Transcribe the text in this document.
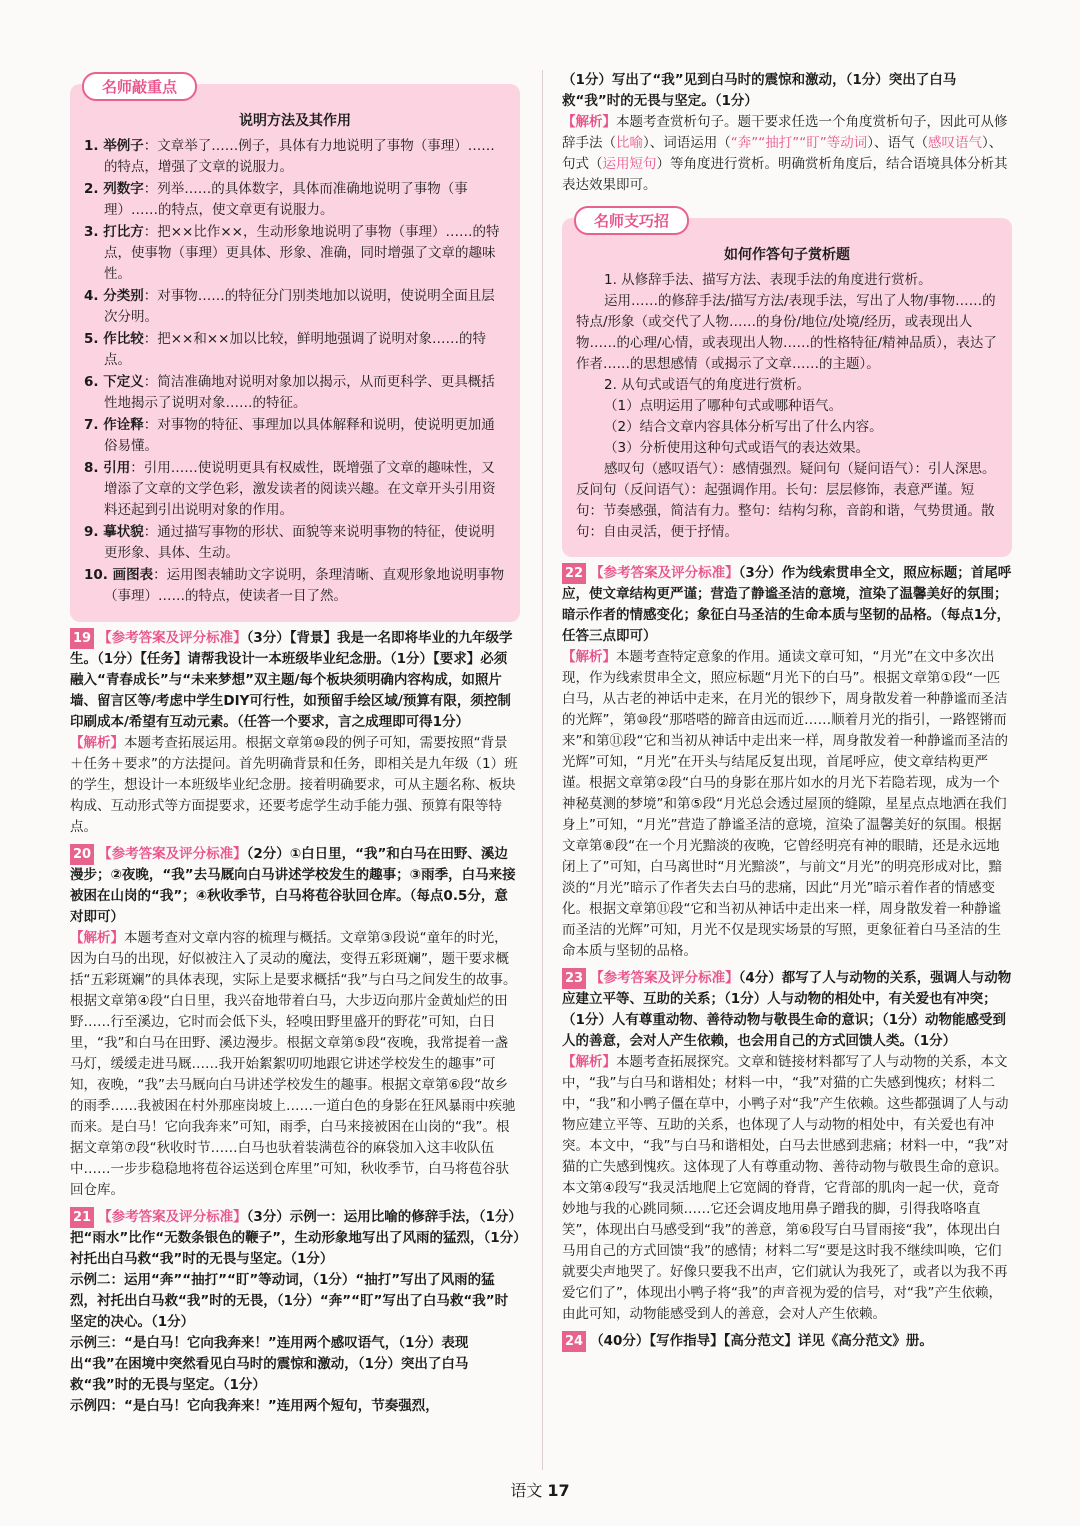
名师敲重点
说明方法及其作用
1. 举例子：文章举了……例子，具体有力地说明了事物（事理）……的特点，增强了文章的说服力。
2. 列数字：列举……的具体数字，具体而准确地说明了事物（事理）……的特点，使文章更有说服力。
3. 打比方：把××比作××，生动形象地说明了事物（事理）……的特点，使事物（事理）更具体、形象、准确，同时增强了文章的趣味性。
4. 分类别：对事物……的特征分门别类地加以说明，使说明全面且层次分明。
5. 作比较：把××和××加以比较，鲜明地强调了说明对象……的特点。
6. 下定义：简洁准确地对说明对象加以揭示，从而更科学、更具概括性地揭示了说明对象……的特征。
7. 作诠释：对事物的特征、事理加以具体解释和说明，使说明更加通俗易懂。
8. 引用：引用……使说明更具有权威性，既增强了文章的趣味性，又增添了文章的文学色彩，激发读者的阅读兴趣。在文章开头引用资料还起到引出说明对象的作用。
9. 摹状貌：通过描写事物的形状、面貌等来说明事物的特征，使说明更形象、具体、生动。
10. 画图表：运用图表辅助文字说明，条理清晰、直观形象地说明事物（事理）……的特点，使读者一目了然。
19 【参考答案及评分标准】（3分）【背景】我是一名即将毕业的九年级学生。（1分）【任务】请帮我设计一本班级毕业纪念册。（1分）【要求】必须融入“青春成长”与“未来梦想”双主题/每个板块须明确内容构成，如照片墙、留言区等/考虑中学生DIY可行性，如预留手绘区域/预算有限，须控制印刷成本/希望有互动元素。（任答一个要求，言之成理即可得1分）
【解析】本题考查拓展运用。根据文章第⑩段的例子可知，需要按照“背景＋任务＋要求”的方法提问。首先明确背景和任务，即相关是九年级（1）班的学生，想设计一本班级毕业纪念册。接着明确要求，可从主题名称、板块构成、互动形式等方面提要求，还要考虑学生动手能力强、预算有限等特点。
20 【参考答案及评分标准】（2分）①白日里，“我”和白马在田野、溪边漫步；②夜晚，“我”去马厩向白马讲述学校发生的趣事；③雨季，白马来接被困在山岗的“我”；④秋收季节，白马将苞谷驮回仓库。（每点0.5分，意对即可）
【解析】本题考查对文章内容的梳理与概括。文章第③段说“童年的时光，因为白马的出现，好似被注入了灵动的魔法，变得五彩斑斓”，题干要求概括“五彩斑斓”的具体表现，实际上是要求概括“我”与白马之间发生的故事。根据文章第④段“白日里，我兴奋地带着白马，大步迈向那片金黄灿烂的田野……行至溪边，它时而会低下头，轻嗅田野里盛开的野花”可知，白日里，“我”和白马在田野、溪边漫步。根据文章第⑤段“夜晚，我常提着一盏马灯，缓缓走进马厩……我开始絮絮叨叨地跟它讲述学校发生的趣事”可知，夜晚，“我”去马厩向白马讲述学校发生的趣事。根据文章第⑥段“故乡的雨季……我被困在村外那座岗坡上……一道白色的身影在狂风暴雨中疾驰而来。是白马！它向我奔来”可知，雨季，白马来接被困在山岗的“我”。根据文章第⑦段“秋收时节……白马也驮着装满苞谷的麻袋加入这丰收队伍中……一步步稳稳地将苞谷运送到仓库里”可知，秋收季节，白马将苞谷驮回仓库。
21 【参考答案及评分标准】（3分）示例一：运用比喻的修辞手法，（1分）把“雨水”比作“无数条银色的鞭子”，生动形象地写出了风雨的猛烈，（1分）衬托出白马救“我”时的无畏与坚定。（1分）
示例二：运用“奔”“抽打”“盯”等动词，（1分）“抽打”写出了风雨的猛烈，衬托出白马救“我”时的无畏，（1分）“奔”“盯”写出了白马救“我”时坚定的决心。（1分）
示例三：“是白马！它向我奔来！”连用两个感叹语气，（1分）表现出“我”在困境中突然看见白马时的震惊和激动，（1分）突出了白马救“我”时的无畏与坚定。（1分）
示例四：“是白马！它向我奔来！”连用两个短句，节奏强烈，
（1分）写出了“我”见到白马时的震惊和激动，（1分）突出了白马救“我”时的无畏与坚定。（1分）
【解析】本题考查赏析句子。题干要求任选一个角度赏析句子，因此可从修辞手法（比喻）、词语运用（“奔”“抽打”“盯”等动词）、语气（感叹语气）、句式（运用短句）等角度进行赏析。明确赏析角度后，结合语境具体分析其表达效果即可。
名师支巧招
如何作答句子赏析题
1. 从修辞手法、描写方法、表现手法的角度进行赏析。
运用……的修辞手法/描写方法/表现手法，写出了人物/事物……的特点/形象（或交代了人物……的身份/地位/处境/经历，或表现出人物……的心理/心情，或表现出人物……的性格特征/精神品质），表达了作者……的思想感情（或揭示了文章……的主题）。
2. 从句式或语气的角度进行赏析。
（1）点明运用了哪种句式或哪种语气。
（2）结合文章内容具体分析写出了什么内容。
（3）分析使用这种句式或语气的表达效果。
感叹句（感叹语气）：感情强烈。疑问句（疑问语气）：引人深思。反问句（反问语气）：起强调作用。长句：层层修饰，表意严谨。短句：节奏感强，简洁有力。整句：结构匀称，音韵和谐，气势贯通。散句：自由灵活，便于抒情。
22 【参考答案及评分标准】（3分）作为线索贯串全文，照应标题；首尾呼应，使文章结构更严谨；营造了静谧圣洁的意境，渲染了温馨美好的氛围；暗示作者的情感变化；象征白马圣洁的生命本质与坚韧的品格。（每点1分，任答三点即可）
【解析】本题考查特定意象的作用。通读文章可知，“月光”在文中多次出现，作为线索贯串全文，照应标题“月光下的白马”。根据文章第①段“一匹白马，从古老的神话中走来，在月光的银纱下，周身散发着一种静谧而圣洁的光辉”，第⑩段“那嗒嗒的蹄音由远而近……顺着月光的指引，一路铿锵而来”和第⑪段“它和当初从神话中走出来一样，周身散发着一种静谧而圣洁的光辉”可知，“月光”在开头与结尾反复出现，首尾呼应，使文章结构更严谨。根据文章第②段“白马的身影在那片如水的月光下若隐若现，成为一个神秘莫测的梦境”和第⑤段“月光总会透过屋顶的缝隙，星星点点地洒在我们身上”可知，“月光”营造了静谧圣洁的意境，渲染了温馨美好的氛围。根据文章第⑧段“在一个月光黯淡的夜晚，它曾经明亮有神的眼睛，还是永远地闭上了”可知，白马离世时“月光黯淡”，与前文“月光”的明亮形成对比，黯淡的“月光”暗示了作者失去白马的悲痛，因此“月光”暗示着作者的情感变化。根据文章第⑪段“它和当初从神话中走出来一样，周身散发着一种静谧而圣洁的光辉”可知，月光不仅是现实场景的写照，更象征着白马圣洁的生命本质与坚韧的品格。
23 【参考答案及评分标准】（4分）都写了人与动物的关系，强调人与动物应建立平等、互助的关系；（1分）人与动物的相处中，有关爱也有冲突；（1分）人有尊重动物、善待动物与敬畏生命的意识；（1分）动物能感受到人的善意，会对人产生依赖，也会用自己的方式回馈人类。（1分）
【解析】本题考查拓展探究。文章和链接材料都写了人与动物的关系，本文中，“我”与白马和谐相处；材料一中，“我”对猫的亡失感到愧疚；材料二中，“我”和小鸭子僵在草中，小鸭子对“我”产生依赖。这些都强调了人与动物应建立平等、互助的关系，也体现了人与动物的相处中，有关爱也有冲突。本文中，“我”与白马和谐相处，白马去世感到悲痛；材料一中，“我”对猫的亡失感到愧疚。这体现了人有尊重动物、善待动物与敬畏生命的意识。本文第④段写“我灵活地爬上它宽阔的脊背，它背部的肌肉一起一伏，竟奇妙地与我的心跳同频……它还会调皮地用鼻子蹭我的脚，引得我咯咯直笑”，体现出白马感受到“我”的善意，第⑥段写白马冒雨接“我”，体现出白马用自己的方式回馈“我”的感情；材料二写“要是这时我不继续叫唤，它们就要尖声地哭了。好像只要我不出声，它们就认为我死了，或者以为我不再爱它们了”，体现出小鸭子将“我”的声音视为爱的信号，对“我”产生依赖，由此可知，动物能感受到人的善意，会对人产生依赖。
24 （40分）【写作指导】【高分范文】详见《高分范文》册。
语文 17
